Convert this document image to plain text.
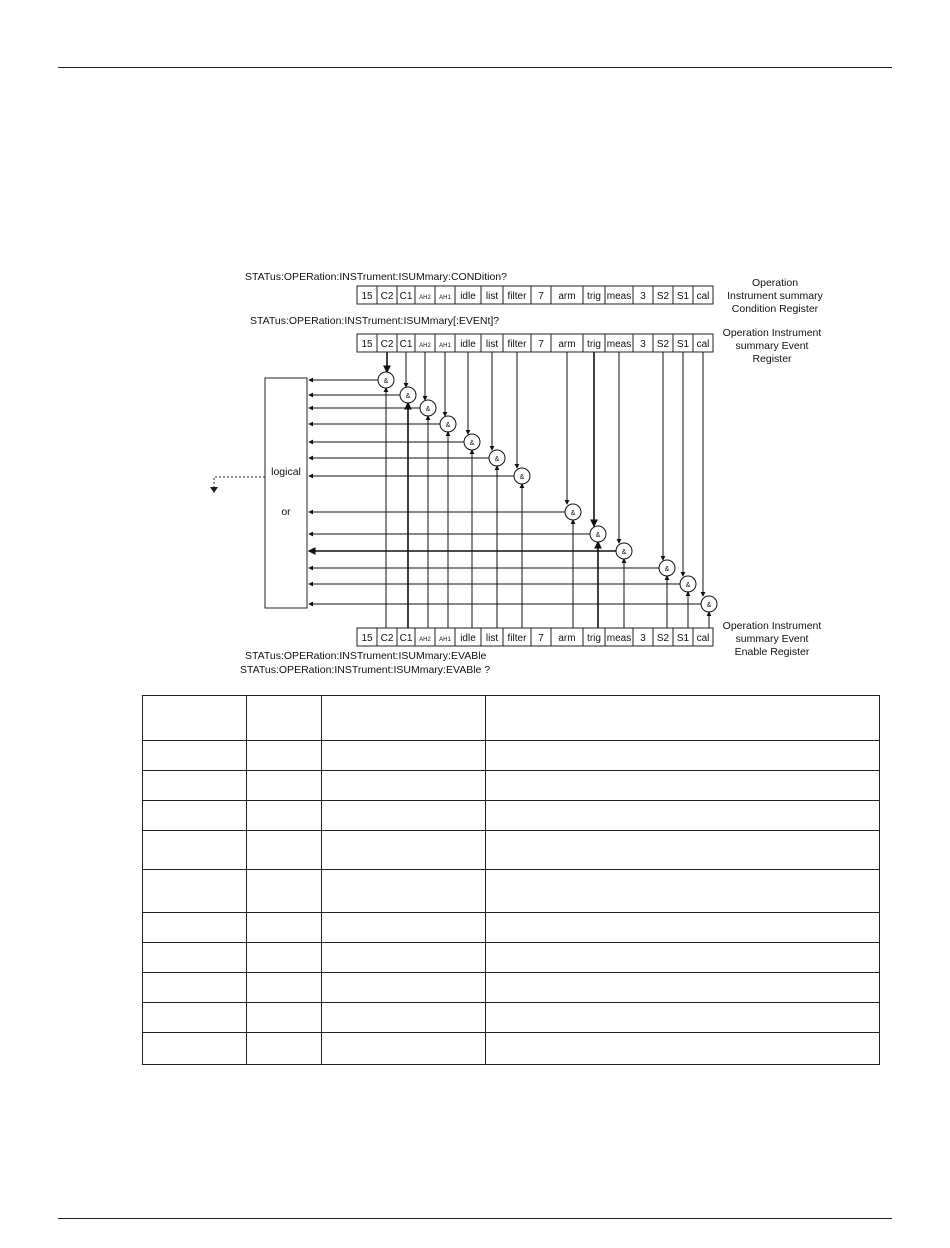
&
&
&
&
&
&
&
&
&
&
&
&
&
15 C2 C1 AH2 AH1 idle list filter 7 arm trig meas 3 S2 S1 cal
15 C2 C1 AH2 AH1 idle list filter 7 arm trig meas 3 S2 S1 cal
15 C2 C1 AH2 AH1 idle list filter 7 arm trig meas 3 S2 S1 cal
logical
or
STATus:OPERation:INSTrument:ISUMmary:CONDition?
STATus:OPERation:INSTrument:ISUMmary[:EVENt]?
STATus:OPERation:INSTrument:ISUMmary:EVABle
STATus:OPERation:INSTrument:ISUMmary:EVABle ?
Operation
Instrument summary
Condition Register
Operation Instrument
summary Event
Register
Operation Instrument
summary Event
Enable Register
